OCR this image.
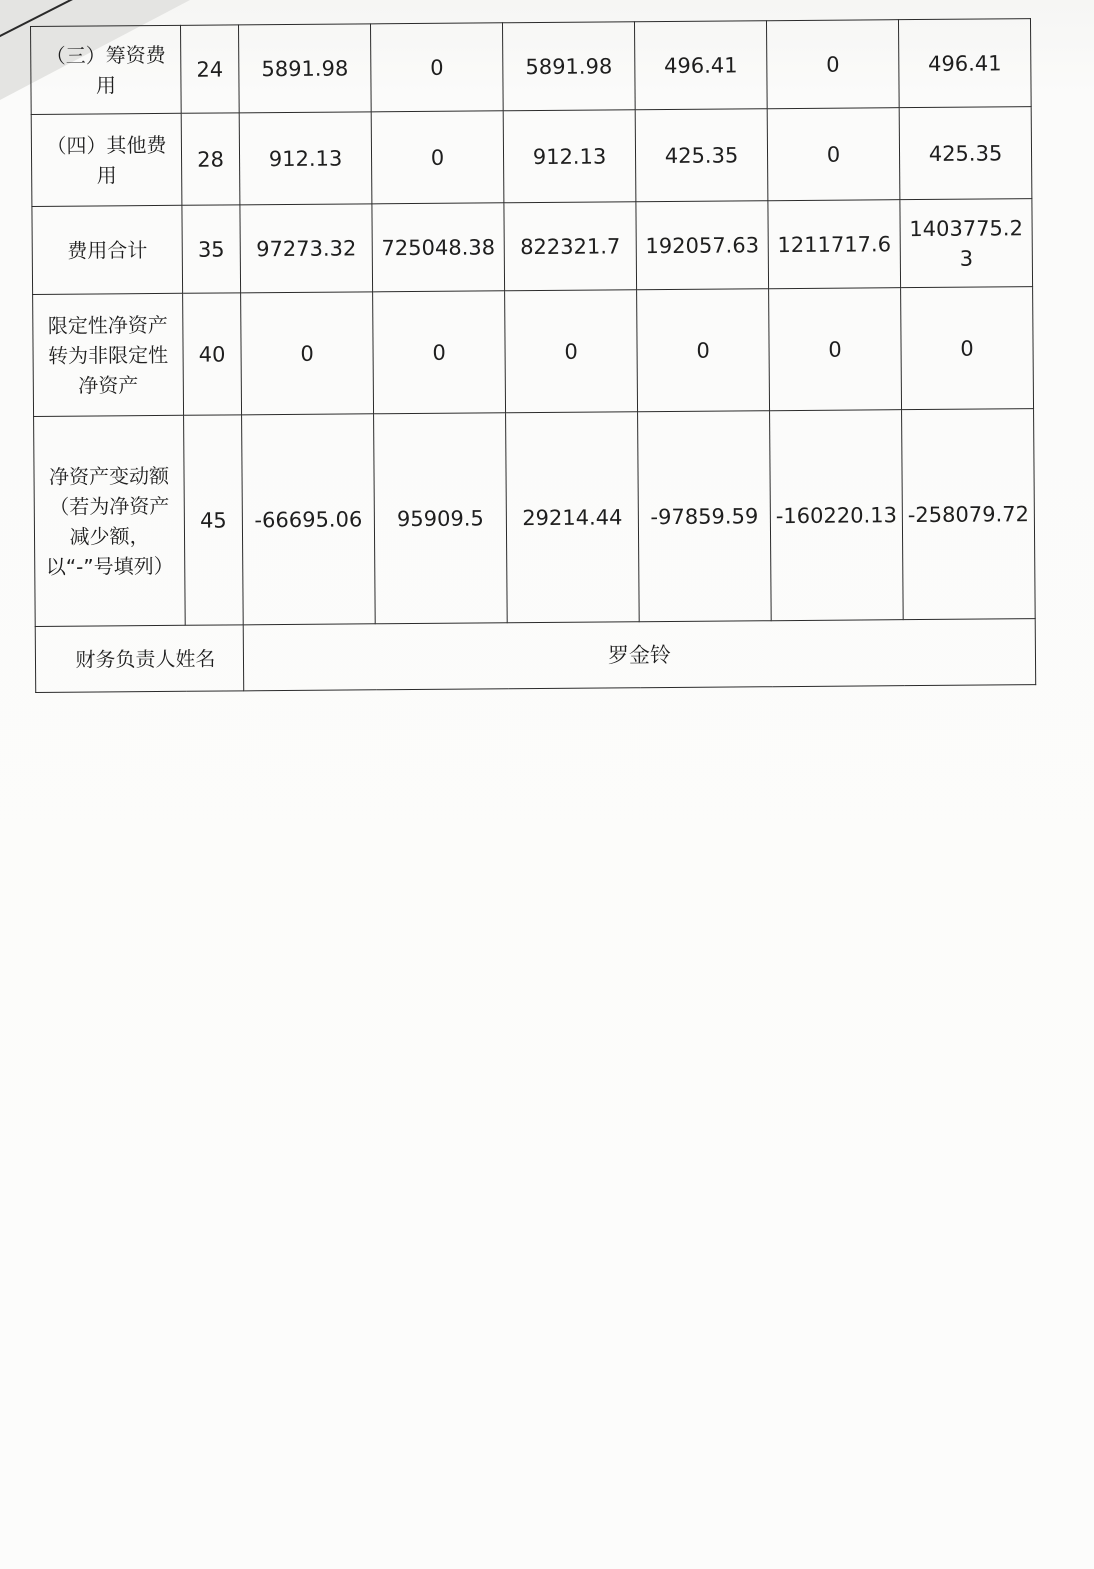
（三）筹资费用	24	5891.98	0	5891.98	496.41	0	496.41
（四）其他费用	28	912.13	0	912.13	425.35	0	425.35
费用合计	35	97273.32	725048.38	822321.7	192057.63	1211717.6	1403775.23
限定性净资产转为非限定性净资产	40	0	0	0	0	0	0
净资产变动额（若为净资产减少额，以“-”号填列）	45	-66695.06	95909.5	29214.44	-97859.59	-160220.13	-258079.72
财务负责人姓名		罗金铃					
